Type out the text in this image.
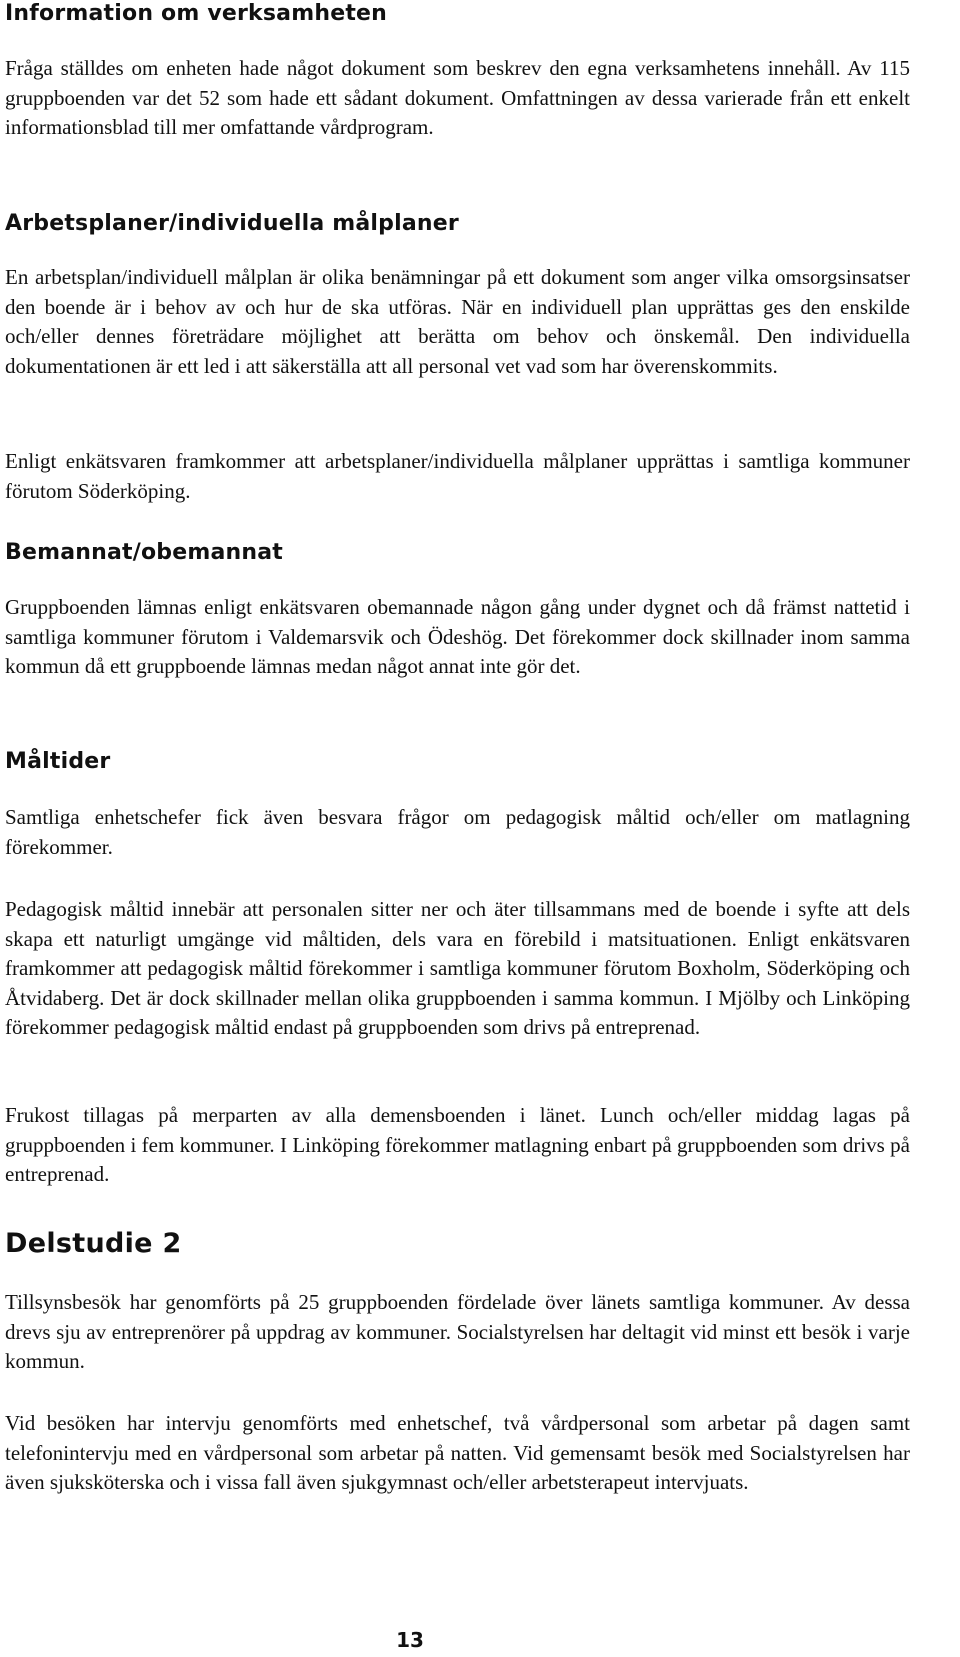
Information om verksamheten

Fråga ställdes om enheten hade något dokument som beskrev den egna verksamhetens innehåll. Av 115 gruppboenden var det 52 som hade ett sådant dokument. Omfattningen av dessa varierade från ett enkelt informationsblad till mer omfattande vårdprogram.

Arbetsplaner/individuella målplaner

En arbetsplan/individuell målplan är olika benämningar på ett dokument som anger vilka omsorgsinsatser den boende är i behov av och hur de ska utföras. När en individuell plan upprättas ges den enskilde och/eller dennes företrädare möjlighet att berätta om behov och önskemål. Den individuella dokumentationen är ett led i att säkerställa att all personal vet vad som har överenskommits.

Enligt enkätsvaren framkommer att arbetsplaner/individuella målplaner upprättas i samtliga kommuner förutom Söderköping.

Bemannat/obemannat

Gruppboenden lämnas enligt enkätsvaren obemannade någon gång under dygnet och då främst nattetid i samtliga kommuner förutom i Valdemarsvik och Ödeshög. Det förekommer dock skillnader inom samma kommun då ett gruppboende lämnas medan något annat inte gör det.

Måltider

Samtliga enhetschefer fick även besvara frågor om pedagogisk måltid och/eller om matlagning förekommer.

Pedagogisk måltid innebär att personalen sitter ner och äter tillsammans med de boende i syfte att dels skapa ett naturligt umgänge vid måltiden, dels vara en förebild i matsituationen. Enligt enkätsvaren framkommer att pedagogisk måltid förekommer i samtliga kommuner förutom Boxholm, Söderköping och Åtvidaberg. Det är dock skillnader mellan olika gruppboenden i samma kommun. I Mjölby och Linköping förekommer pedagogisk måltid endast på gruppboenden som drivs på entreprenad.

Frukost tillagas på merparten av alla demensboenden i länet. Lunch och/eller middag lagas på gruppboenden i fem kommuner. I Linköping förekommer matlagning enbart på gruppboenden som drivs på entreprenad.

Delstudie 2

Tillsynsbesök har genomförts på 25 gruppboenden fördelade över länets samtliga kommuner. Av dessa drevs sju av entreprenörer på uppdrag av kommuner. Socialstyrelsen har deltagit vid minst ett besök i varje kommun.

Vid besöken har intervju genomförts med enhetschef, två vårdpersonal som arbetar på dagen samt telefonintervju med en vårdpersonal som arbetar på natten. Vid gemensamt besök med Socialstyrelsen har även sjuksköterska och i vissa fall även sjukgymnast och/eller arbetsterapeut intervjuats.

13
